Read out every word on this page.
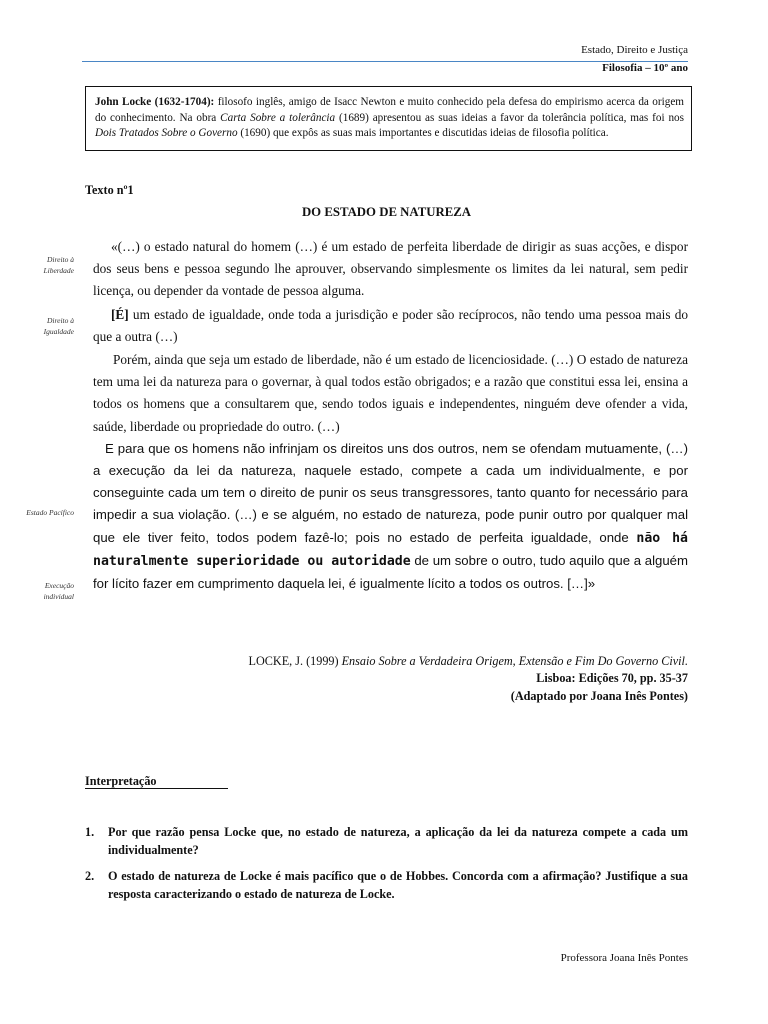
Estado, Direito e Justiça
Filosofia – 10º ano
John Locke (1632-1704): filosofo inglês, amigo de Isacc Newton e muito conhecido pela defesa do empirismo acerca da origem do conhecimento. Na obra Carta Sobre a tolerância (1689) apresentou as suas ideias a favor da tolerância política, mas foi nos Dois Tratados Sobre o Governo (1690) que expôs as suas mais importantes e discutidas ideias de filosofia política.
Texto nº1
DO ESTADO DE NATUREZA
Direito à Liberdade
Direito à Igualdade
Estado Pacífico
Execução individual

«(…) o estado natural do homem (…) é um estado de perfeita liberdade de dirigir as suas acções, e dispor dos seus bens e pessoa segundo lhe aprouver, observando simplesmente os limites da lei natural, sem pedir licença, ou depender da vontade de pessoa alguma.

[É] um estado de igualdade, onde toda a jurisdição e poder são recíprocos, não tendo uma pessoa mais do que a outra (…)

Porém, ainda que seja um estado de liberdade, não é um estado de licenciosidade. (…) O estado de natureza tem uma lei da natureza para o governar, à qual todos estão obrigados; e a razão que constitui essa lei, ensina a todos os homens que a consultarem que, sendo todos iguais e independentes, ninguém deve ofender a vida, saúde, liberdade ou propriedade do outro. (…)

E para que os homens não infrinjam os direitos uns dos outros, nem se ofendam mutuamente, (…) a execução da lei da natureza, naquele estado, compete a cada um individualmente, e por conseguinte cada um tem o direito de punir os seus transgressores, tanto quanto for necessário para impedir a sua violação. (…) e se alguém, no estado de natureza, pode punir outro por qualquer mal que ele tiver feito, todos podem fazê-lo; pois no estado de perfeita igualdade, onde não há naturalmente superioridade ou autoridade de um sobre o outro, tudo aquilo que a alguém for lícito fazer em cumprimento daquela lei, é igualmente lícito a todos os outros. […]»

LOCKE, J. (1999) Ensaio Sobre a Verdadeira Origem, Extensão e Fim Do Governo Civil.
Lisboa: Edições 70, pp. 35-37
(Adaptado por Joana Inês Pontes)
Interpretação
1.	Por que razão pensa Locke que, no estado de natureza, a aplicação da lei da natureza compete a cada um individualmente?
2.	O estado de natureza de Locke é mais pacífico que o de Hobbes. Concorda com a afirmação? Justifique a sua resposta caracterizando o estado de natureza de Locke.
Professora Joana Inês Pontes
